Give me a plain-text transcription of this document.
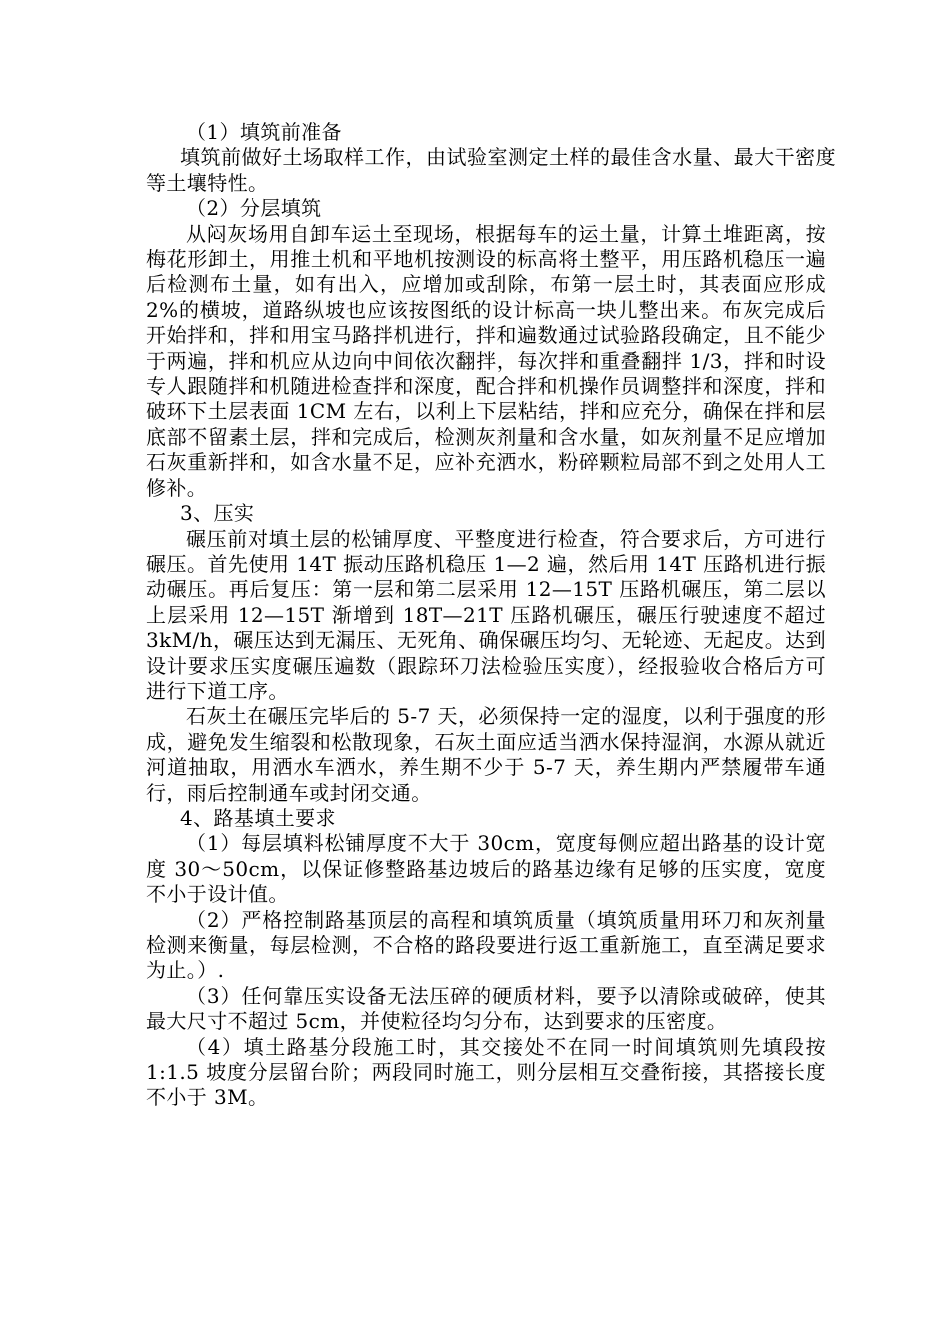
（1）填筑前准备

填筑前做好土场取样工作，由试验室测定土样的最佳含水量、最大干密度等土壤特性。

（2）分层填筑

从闷灰场用自卸车运土至现场，根据每车的运土量，计算土堆距离，按梅花形卸土，用推土机和平地机按测设的标高将土整平，用压路机稳压一遍后检测布土量，如有出入，应增加或刮除，布第一层土时，其表面应形成 2%的横坡，道路纵坡也应该按图纸的设计标高一块儿整出来。布灰完成后开始拌和，拌和用宝马路拌机进行，拌和遍数通过试验路段确定，且不能少于两遍，拌和机应从边向中间依次翻拌，每次拌和重叠翻拌 1/3，拌和时设专人跟随拌和机随进检查拌和深度，配合拌和机操作员调整拌和深度，拌和破环下土层表面 1CM 左右，以利上下层粘结，拌和应充分，确保在拌和层底部不留素土层，拌和完成后，检测灰剂量和含水量，如灰剂量不足应增加石灰重新拌和，如含水量不足，应补充洒水，粉碎颗粒局部不到之处用人工修补。

3、压实

碾压前对填土层的松铺厚度、平整度进行检查，符合要求后，方可进行碾压。首先使用 14T 振动压路机稳压 1—2 遍，然后用 14T 压路机进行振动碾压。再后复压：第一层和第二层采用 12—15T 压路机碾压，第二层以上层采用 12—15T 渐增到 18T—21T 压路机碾压，碾压行驶速度不超过 3kM/h，碾压达到无漏压、无死角、确保碾压均匀、无轮迹、无起皮。达到设计要求压实度碾压遍数（跟踪环刀法检验压实度），经报验收合格后方可进行下道工序。

石灰土在碾压完毕后的 5-7 天，必须保持一定的湿度，以利于强度的形成，避免发生缩裂和松散现象，石灰土面应适当洒水保持湿润，水源从就近河道抽取，用洒水车洒水，养生期不少于 5-7 天，养生期内严禁履带车通行，雨后控制通车或封闭交通。

4、路基填土要求

（1）每层填料松铺厚度不大于 30cm，宽度每侧应超出路基的设计宽度 30～50cm，以保证修整路基边坡后的路基边缘有足够的压实度，宽度不小于设计值。

（2）严格控制路基顶层的高程和填筑质量（填筑质量用环刀和灰剂量检测来衡量，每层检测，不合格的路段要进行返工重新施工，直至满足要求为止。）.

（3）任何靠压实设备无法压碎的硬质材料，要予以清除或破碎，使其最大尺寸不超过 5cm，并使粒径均匀分布，达到要求的压密度。

（4）填土路基分段施工时，其交接处不在同一时间填筑则先填段按 1:1.5 坡度分层留台阶；两段同时施工，则分层相互交叠衔接，其搭接长度不小于 3M。
